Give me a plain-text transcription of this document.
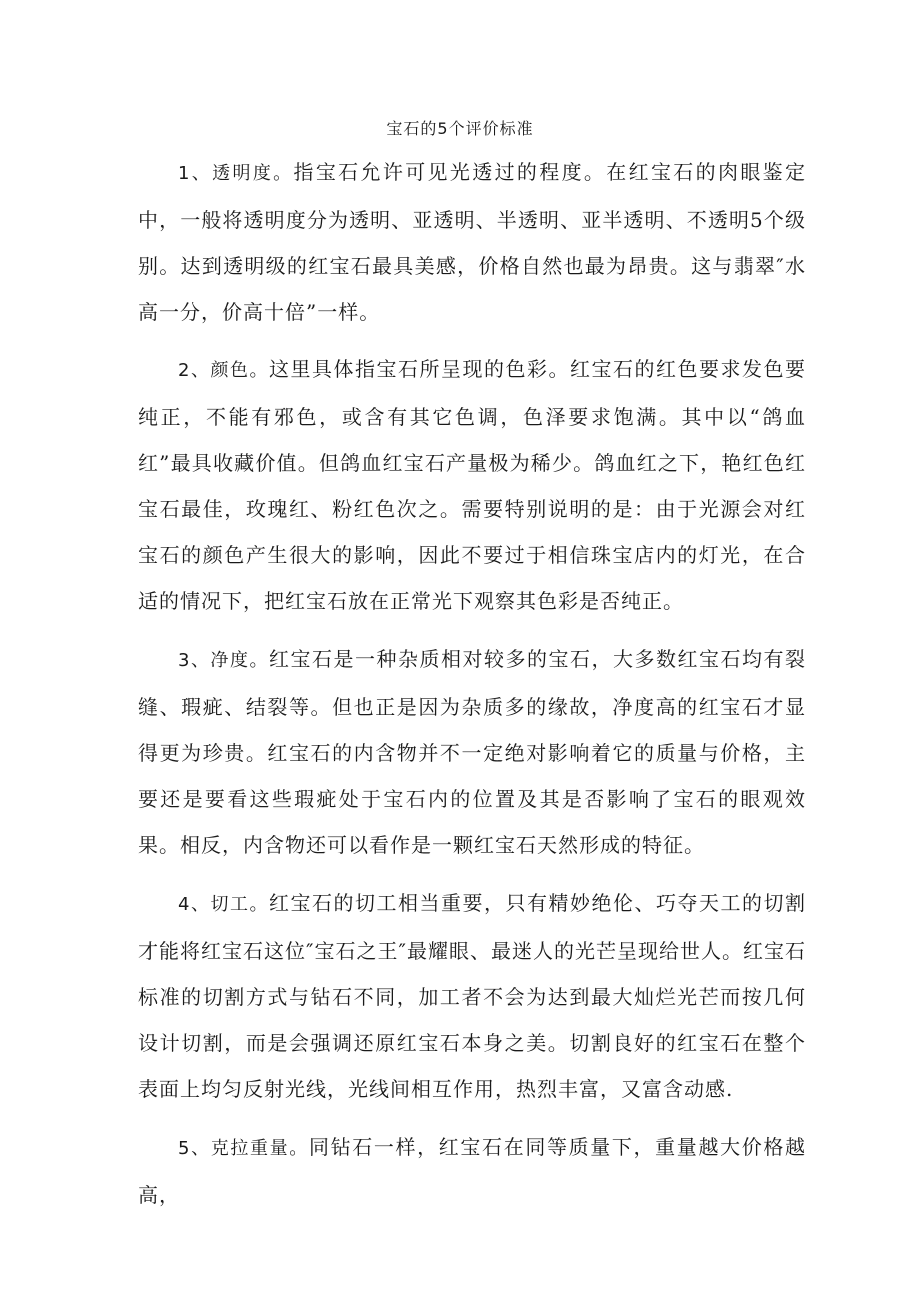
宝石的5个评价标准

1、透明度。指宝石允许可见光透过的程度。在红宝石的肉眼鉴定中，一般将透明度分为透明、亚透明、半透明、亚半透明、不透明5个级别。达到透明级的红宝石最具美感，价格自然也最为昂贵。这与翡翠″水高一分，价高十倍”一样。

2、颜色。这里具体指宝石所呈现的色彩。红宝石的红色要求发色要纯正，不能有邪色，或含有其它色调，色泽要求饱满。其中以“鸽血红”最具收藏价值。但鸽血红宝石产量极为稀少。鸽血红之下，艳红色红宝石最佳，玫瑰红、粉红色次之。需要特别说明的是：由于光源会对红宝石的颜色产生很大的影响，因此不要过于相信珠宝店内的灯光，在合适的情况下，把红宝石放在正常光下观察其色彩是否纯正。

3、净度。红宝石是一种杂质相对较多的宝石，大多数红宝石均有裂缝、瑕疵、结裂等。但也正是因为杂质多的缘故，净度高的红宝石才显得更为珍贵。红宝石的内含物并不一定绝对影响着它的质量与价格，主要还是要看这些瑕疵处于宝石内的位置及其是否影响了宝石的眼观效果。相反，内含物还可以看作是一颗红宝石天然形成的特征。

4、切工。红宝石的切工相当重要，只有精妙绝伦、巧夺天工的切割才能将红宝石这位″宝石之王″最耀眼、最迷人的光芒呈现给世人。红宝石标准的切割方式与钻石不同，加工者不会为达到最大灿烂光芒而按几何设计切割，而是会强调还原红宝石本身之美。切割良好的红宝石在整个表面上均匀反射光线，光线间相互作用，热烈丰富，又富含动感.

5、克拉重量。同钻石一样，红宝石在同等质量下，重量越大价格越高，
